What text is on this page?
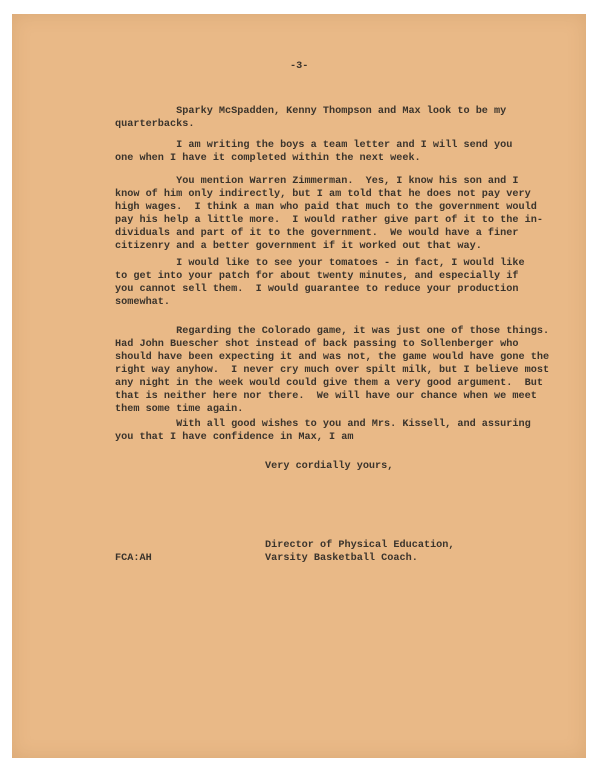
-3-
Sparky McSpadden, Kenny Thompson and Max look to be my
quarterbacks.
I am writing the boys a team letter and I will send you
one when I have it completed within the next week.
You mention Warren Zimmerman.  Yes, I know his son and I
know of him only indirectly, but I am told that he does not pay very
high wages.  I think a man who paid that much to the government would
pay his help a little more.  I would rather give part of it to the in-
dividuals and part of it to the government.  We would have a finer
citizenry and a better government if it worked out that way.
I would like to see your tomatoes - in fact, I would like
to get into your patch for about twenty minutes, and especially if
you cannot sell them.  I would guarantee to reduce your production
somewhat.
Regarding the Colorado game, it was just one of those things.
Had John Buescher shot instead of back passing to Sollenberger who
should have been expecting it and was not, the game would have gone the
right way anyhow.  I never cry much over spilt milk, but I believe most
any night in the week would could give them a very good argument.  But
that is neither here nor there.  We will have our chance when we meet
them some time again.
With all good wishes to you and Mrs. Kissell, and assuring
you that I have confidence in Max, I am
Very cordially yours,
Director of Physical Education,
Varsity Basketball Coach.
FCA:AH
